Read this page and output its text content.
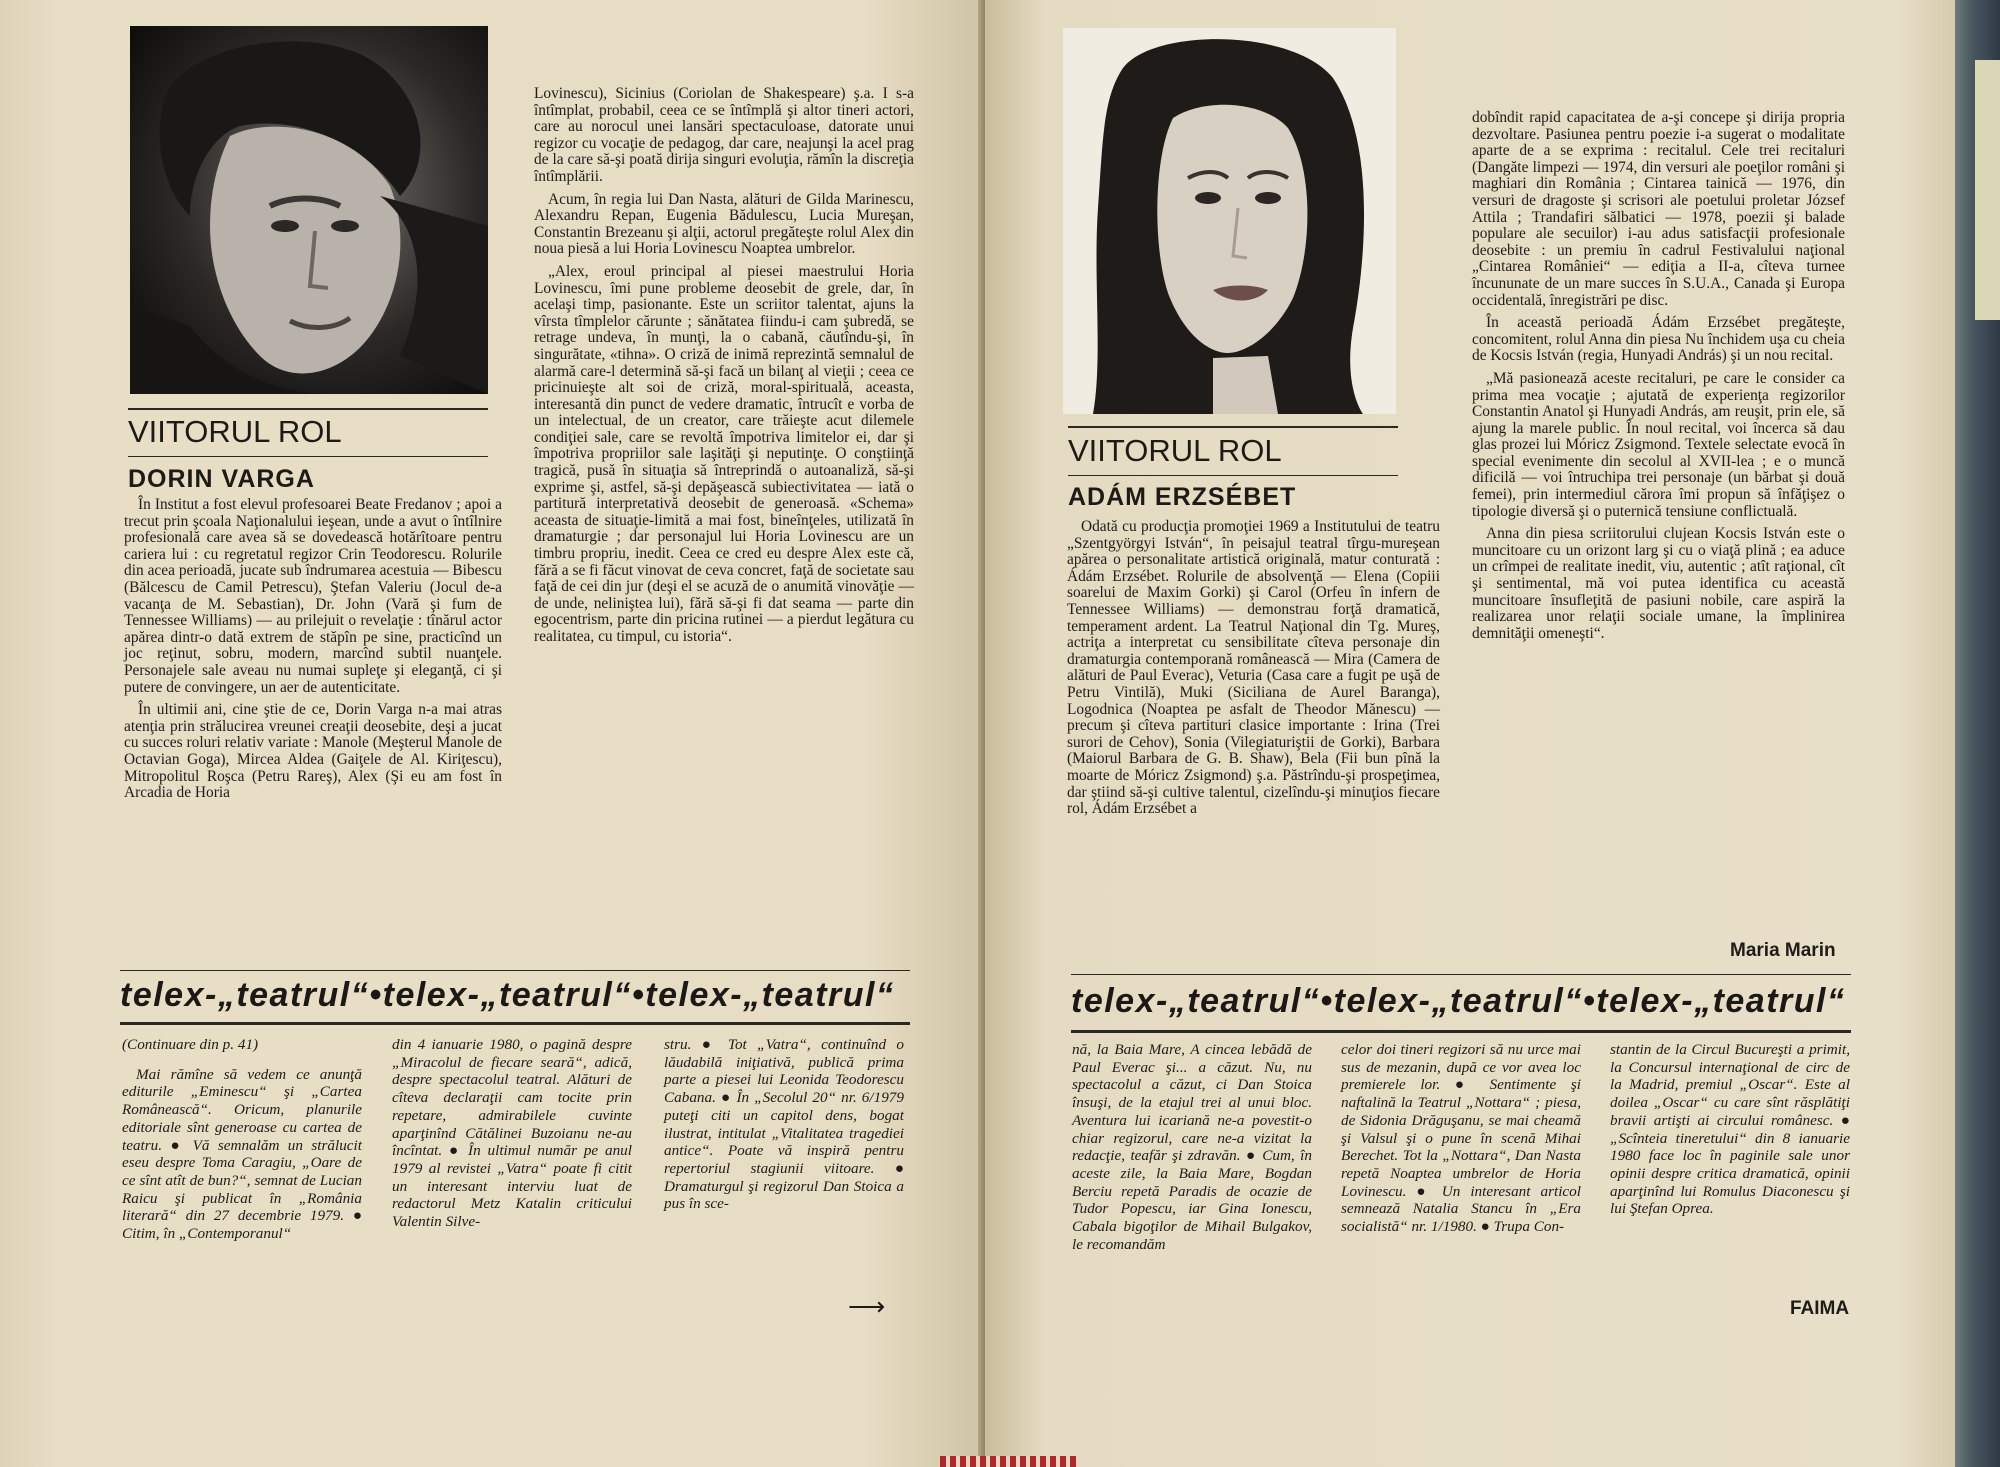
VIITORUL ROL
DORIN VARGA

În Institut a fost elevul profesoarei Beate Fredanov ; apoi a trecut prin şcoala Naţionalului ieşean, unde a avut o întîlnire profesională care avea să se dovedească hotărîtoare pentru cariera lui : cu regretatul regizor Crin Teodorescu. Rolurile din acea perioadă, jucate sub îndrumarea acestuia — Bibescu (Bălcescu de Camil Petrescu), Ştefan Valeriu (Jocul de-a vacanţa de M. Sebastian), Dr. John (Vară şi fum de Tennessee Williams) — au prilejuit o revelaţie : tînărul actor apărea dintr-o dată extrem de stăpîn pe sine, practicînd un joc reţinut, sobru, modern, marcînd subtil nuanţele. Personajele sale aveau nu numai supleţe şi eleganţă, ci şi putere de convingere, un aer de autenticitate.

În ultimii ani, cine ştie de ce, Dorin Varga n-a mai atras atenţia prin strălucirea vreunei creaţii deosebite, deşi a jucat cu succes roluri relativ variate : Manole (Meşterul Manole de Octavian Goga), Mircea Aldea (Gaiţele de Al. Kiriţescu), Mitropolitul Roşca (Petru Rareş), Alex (Şi eu am fost în Arcadia de Horia

Lovinescu), Sicinius (Coriolan de Shakespeare) ş.a. I s-a întîmplat, probabil, ceea ce se întîmplă şi altor tineri actori, care au norocul unei lansări spectaculoase, datorate unui regizor cu vocaţie de pedagog, dar care, neajunşi la acel prag de la care să-şi poată dirija singuri evoluţia, rămîn la discreţia întîmplării.

Acum, în regia lui Dan Nasta, alături de Gilda Marinescu, Alexandru Repan, Eugenia Bădulescu, Lucia Mureşan, Constantin Brezeanu şi alţii, actorul pregăteşte rolul Alex din noua piesă a lui Horia Lovinescu Noaptea umbrelor.

„Alex, eroul principal al piesei maestrului Horia Lovinescu, îmi pune probleme deosebit de grele, dar, în acelaşi timp, pasionante. Este un scriitor talentat, ajuns la vîrsta tîmplelor cărunte ; sănătatea fiindu-i cam şubredă, se retrage undeva, în munţi, la o cabană, căutîndu-şi, în singurătate, «tihna». O criză de inimă reprezintă semnalul de alarmă care-l determină să-şi facă un bilanţ al vieţii ; ceea ce pricinuieşte alt soi de criză, moral-spirituală, aceasta, interesantă din punct de vedere dramatic, întrucît e vorba de un intelectual, de un creator, care trăieşte acut dilemele condiţiei sale, care se revoltă împotriva limitelor ei, dar şi împotriva propriilor sale laşităţi şi neputinţe. O conştiinţă tragică, pusă în situaţia să întreprindă o autoanaliză, să-şi exprime şi, astfel, să-şi depăşească subiectivitatea — iată o partitură interpretativă deosebit de generoasă. «Schema» aceasta de situaţie-limită a mai fost, bineînţeles, utilizată în dramaturgie ; dar personajul lui Horia Lovinescu are un timbru propriu, inedit. Ceea ce cred eu despre Alex este că, fără a se fi făcut vinovat de ceva concret, faţă de societate sau faţă de cei din jur (deşi el se acuză de o anumită vinovăţie — de unde, neliniştea lui), fără să-şi fi dat seama — parte din egocentrism, parte din pricina rutinei — a pierdut legătura cu realitatea, cu timpul, cu istoria“.

telex-„teatrul“•telex-„teatrul“•telex-„teatrul“

(Continuare din p. 41)

Mai rămîne să vedem ce anunţă editurile „Eminescu“ şi „Cartea Românească“. Oricum, planurile editoriale sînt generoase cu cartea de teatru. ● Vă semnalăm un strălucit eseu despre Toma Caragiu, „Oare de ce sînt atît de bun?“, semnat de Lucian Raicu şi publicat în „România literară“ din 27 decembrie 1979. ● Citim, în „Contemporanul“

din 4 ianuarie 1980, o pagină despre „Miracolul de fiecare seară“, adică, despre spectacolul teatral. Alături de cîteva declaraţii cam tocite prin repetare, admirabilele cuvinte aparţinînd Cătălinei Buzoianu ne-au încîntat. ● În ultimul număr pe anul 1979 al revistei „Vatra“ poate fi citit un interesant interviu luat de redactorul Metz Katalin criticului Valentin Silve-

stru. ● Tot „Vatra“, continuînd o lăudabilă iniţiativă, publică prima parte a piesei lui Leonida Teodorescu Cabana. ● În „Secolul 20“ nr. 6/1979 puteţi citi un capitol dens, bogat ilustrat, intitulat „Vitalitatea tragediei antice“. Poate vă inspiră pentru repertoriul stagiunii viitoare. ● Dramaturgul şi regizorul Dan Stoica a pus în sce-

⟶
VIITORUL ROL
ADÁM ERZSÉBET

Odată cu producţia promoţiei 1969 a Institutului de teatru „Szentgyörgyi István“, în peisajul teatral tîrgu-mureşean apărea o personalitate artistică originală, matur conturată : Ádám Erzsébet. Rolurile de absolvenţă — Elena (Copiii soarelui de Maxim Gorki) şi Carol (Orfeu în infern de Tennessee Williams) — demonstrau forţă dramatică, temperament ardent. La Teatrul Naţional din Tg. Mureş, actriţa a interpretat cu sensibilitate cîteva personaje din dramaturgia contemporană românească — Mira (Camera de alături de Paul Everac), Veturia (Casa care a fugit pe uşă de Petru Vintilă), Muki (Siciliana de Aurel Baranga), Logodnica (Noaptea pe asfalt de Theodor Mănescu) — precum şi cîteva partituri clasice importante : Irina (Trei surori de Cehov), Sonia (Vilegiaturiştii de Gorki), Barbara (Maiorul Barbara de G. B. Shaw), Bela (Fii bun pînă la moarte de Móricz Zsigmond) ş.a. Păstrîndu-şi prospeţimea, dar ştiind să-şi cultive talentul, cizelîndu-şi minuţios fiecare rol, Ádám Erzsébet a

dobîndit rapid capacitatea de a-şi concepe şi dirija propria dezvoltare. Pasiunea pentru poezie i-a sugerat o modalitate aparte de a se exprima : recitalul. Cele trei recitaluri (Dangăte limpezi — 1974, din versuri ale poeţilor români şi maghiari din România ; Cintarea tainică — 1976, din versuri de dragoste şi scrisori ale poetului proletar József Attila ; Trandafiri sălbatici — 1978, poezii şi balade populare ale secuilor) i-au adus satisfacţii profesionale deosebite : un premiu în cadrul Festivalului naţional „Cintarea României“ — ediţia a II-a, cîteva turnee încununate de un mare succes în S.U.A., Canada şi Europa occidentală, înregistrări pe disc.

În această perioadă Ádám Erzsébet pregăteşte, concomitent, rolul Anna din piesa Nu închidem uşa cu cheia de Kocsis István (regia, Hunyadi András) şi un nou recital.

„Mă pasionează aceste recitaluri, pe care le consider ca prima mea vocaţie ; ajutată de experienţa regizorilor Constantin Anatol şi Hunyadi András, am reuşit, prin ele, să ajung la marele public. În noul recital, voi încerca să dau glas prozei lui Móricz Zsigmond. Textele selectate evocă în special evenimente din secolul al XVII-lea ; e o muncă dificilă — voi întruchipa trei personaje (un bărbat şi două femei), prin intermediul cărora îmi propun să înfăţişez o tipologie diversă şi o puternică tensiune conflictuală.

Anna din piesa scriitorului clujean Kocsis István este o muncitoare cu un orizont larg şi cu o viaţă plină ; ea aduce un crîmpei de realitate inedit, viu, autentic ; atît raţional, cît şi sentimental, mă voi putea identifica cu această muncitoare însufleţită de pasiuni nobile, care aspiră la realizarea unor relaţii sociale umane, la împlinirea demnităţii omeneşti“.

Maria Marin
telex-„teatrul“•telex-„teatrul“•telex-„teatrul“

nă, la Baia Mare, A cincea lebădă de Paul Everac şi... a căzut. Nu, nu spectacolul a căzut, ci Dan Stoica însuşi, de la etajul trei al unui bloc. Aventura lui icariană ne-a povestit-o chiar regizorul, care ne-a vizitat la redacţie, teafăr şi zdravăn. ● Cum, în aceste zile, la Baia Mare, Bogdan Berciu repetă Paradis de ocazie de Tudor Popescu, iar Gina Ionescu, Cabala bigoţilor de Mihail Bulgakov, le recomandăm

celor doi tineri regizori să nu urce mai sus de mezanin, după ce vor avea loc premierele lor. ● Sentimente şi naftalină la Teatrul „Nottara“ ; piesa, de Sidonia Drăguşanu, se mai cheamă şi Valsul şi o pune în scenă Mihai Berechet. Tot la „Nottara“, Dan Nasta repetă Noaptea umbrelor de Horia Lovinescu. ● Un interesant articol semnează Natalia Stancu în „Era socialistă“ nr. 1/1980. ● Trupa Con-

stantin de la Circul Bucureşti a primit, la Concursul internaţional de circ de la Madrid, premiul „Oscar“. Este al doilea „Oscar“ cu care sînt răsplătiţi bravii artişti ai circului românesc. ● „Scînteia tineretului“ din 8 ianuarie 1980 face loc în paginile sale unor opinii despre critica dramatică, opinii aparţinînd lui Romulus Diaconescu şi lui Ştefan Oprea.

FAIMA
